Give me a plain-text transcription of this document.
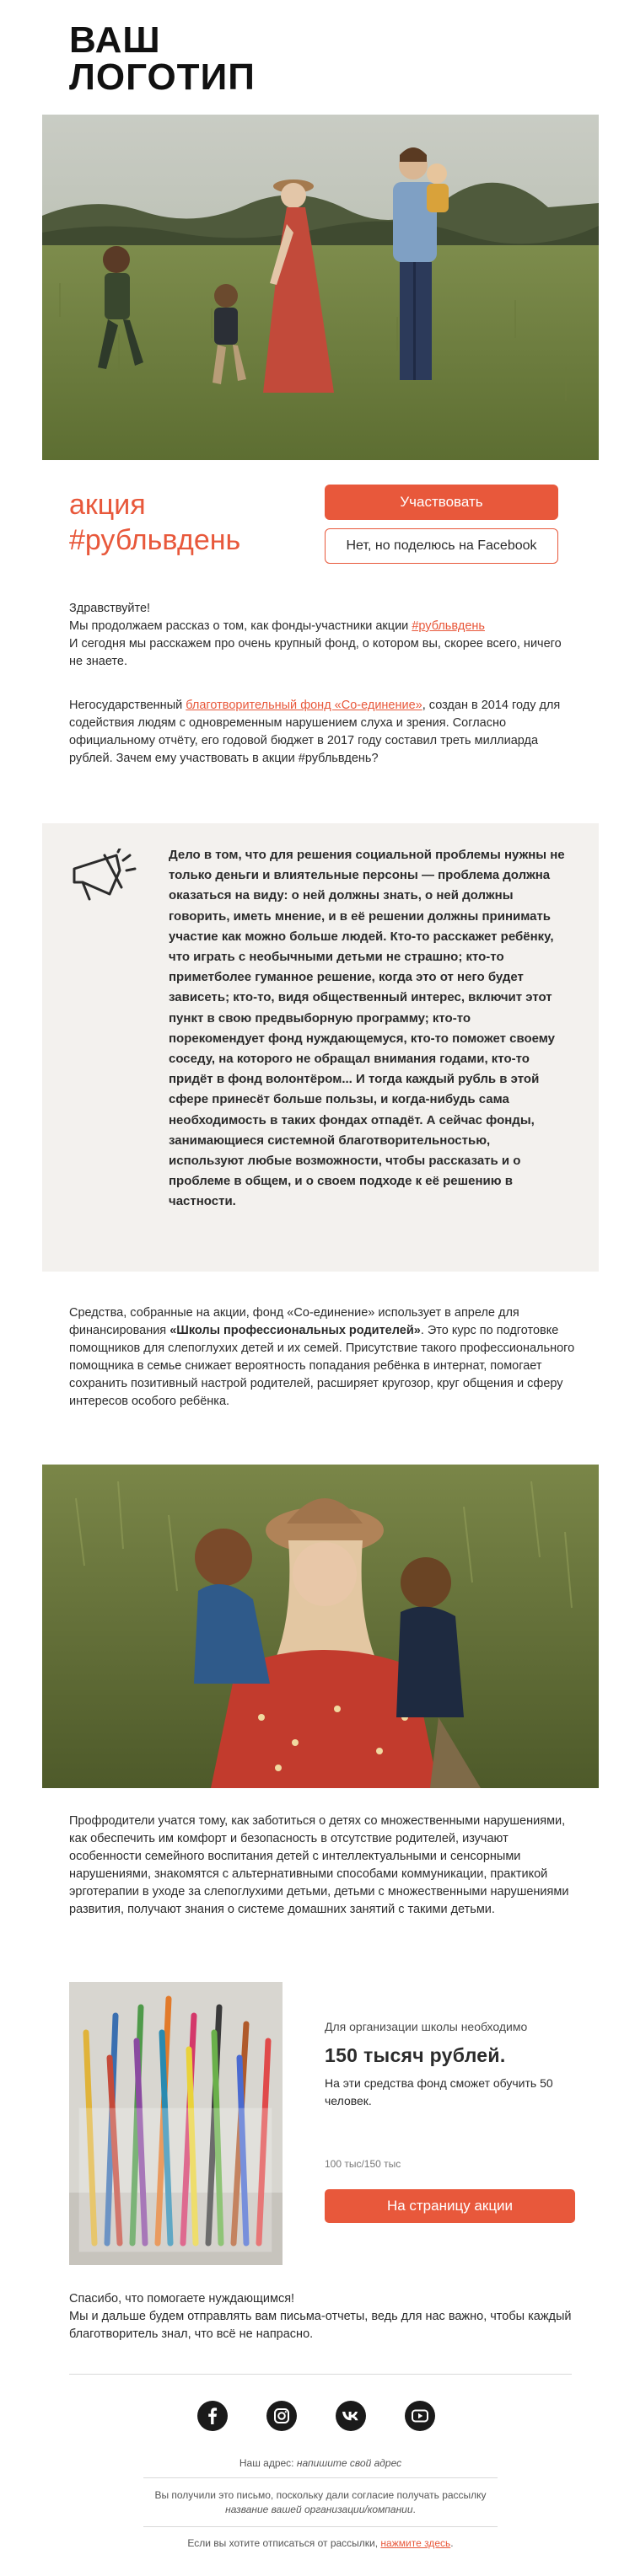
ВАШ
ЛОГОТИП
акция
#рубльвдень
Участвовать
Нет, но поделюсь на Facebook

Здравствуйте!

Мы продолжаем рассказ о том, как фонды-участники акции #рубльвдень

И сегодня мы расскажем про очень крупный фонд, о котором вы, скорее всего, ничего не знаете.

Негосударственный благотворительный фонд «Со-единение», создан в 2014 году для содействия людям с одновременным нарушением слуха и зрения. Согласно официальному отчёту, его годовой бюджет в 2017 году составил треть миллиарда рублей. Зачем ему участвовать в акции #рубльвдень?

Дело в том, что для решения социальной проблемы нужны не только деньги и влиятельные персоны — проблема должна оказаться на виду: о ней должны знать, о ней должны говорить, иметь мнение, и в её решении должны принимать участие как можно больше людей. Кто-то расскажет ребёнку, что играть с необычными детьми не страшно; кто-то приметболее гуманное решение, когда это от него будет зависеть; кто-то, видя общественный интерес, включит этот пункт в свою предвыборную программу; кто-то порекомендует фонд нуждающемуся, кто-то поможет своему соседу, на которого не обращал внимания годами, кто-то придёт в фонд волонтёром... И тогда каждый рубль в этой сфере принесёт больше пользы, и когда-нибудь сама необходимость в таких фондах отпадёт. А сейчас фонды, занимающиеся системной благотворительностью, используют любые возможности, чтобы рассказать и о проблеме в общем, и о своем подходе к её решению в частности.

Средства, собранные на акции, фонд «Со-единение» использует в апреле для финансирования «Школы профессиональных родителей». Это курс по подготовке помощников для слепоглухих детей и их семей. Присутствие такого профессионального помощника в семье снижает вероятность попадания ребёнка в интернат, помогает сохранить позитивный настрой родителей, расширяет кругозор, круг общения и сферу интересов особого ребёнка.

Профродители учатся тому, как заботиться о детях со множественными нарушениями, как обеспечить им комфорт и безопасность в отсутствие родителей, изучают особенности семейного воспитания детей с интеллектуальными и сенсорными нарушениями, знакомятся с альтернативными способами коммуникации, практикой эрготерапии в уходе за слепоглухими детьми, детьми с множественными нарушениями развития, получают знания о системе домашних занятий с такими детьми.
Для организации школы необходимо
150 тысяч рублей.
На эти средства фонд сможет обучить 50 человек.
100 тыс/150 тыс
На страницу акции

Спасибо, что помогаете нуждающимся!

Мы и дальше будем отправлять вам письма-отчеты, ведь для нас важно, чтобы каждый благотворитель знал, что всё не напрасно.

Наш адрес: напишите свой адрес
Вы получили это письмо, поскольку дали согласие получать рассылку название вашей организации/компании.
Если вы хотите отписаться от рассылки, нажмите здесь.
